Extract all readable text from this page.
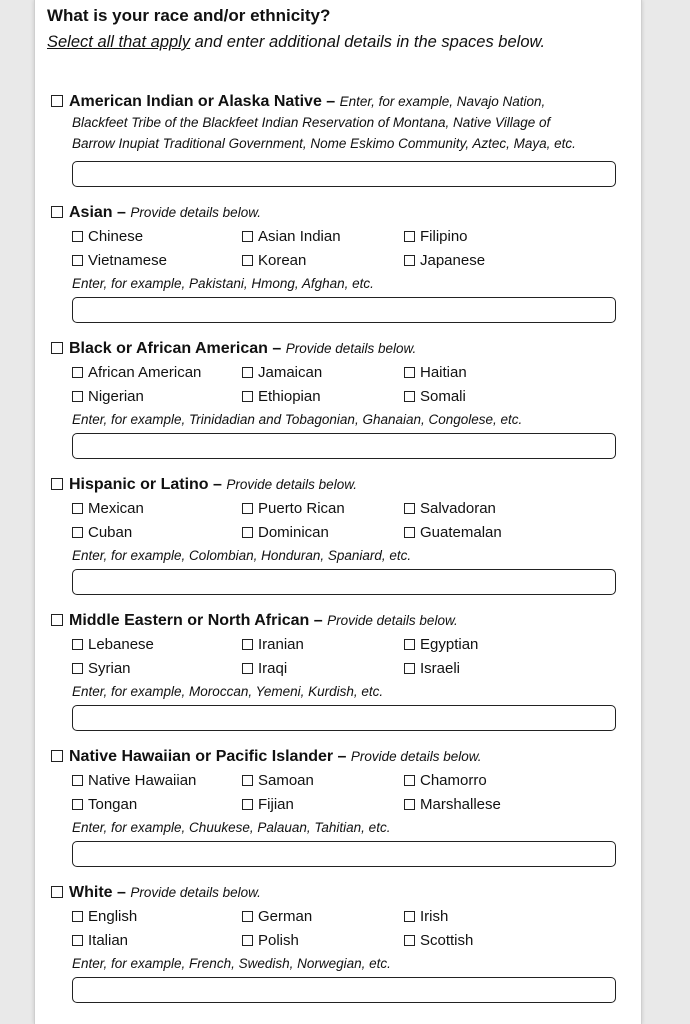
What is your race and/or ethnicity?
Select all that apply and enter additional details in the spaces below.
American Indian or Alaska Native – Enter, for example, Navajo Nation,
Blackfeet Tribe of the Blackfeet Indian Reservation of Montana, Native Village of
Barrow Inupiat Traditional Government, Nome Eskimo Community, Aztec, Maya, etc.
Asian – Provide details below.
Chinese	Asian Indian	Filipino
Vietnamese	Korean	Japanese
Enter, for example, Pakistani, Hmong, Afghan, etc.
Black or African American – Provide details below.
African American	Jamaican	Haitian
Nigerian	Ethiopian	Somali
Enter, for example, Trinidadian and Tobagonian, Ghanaian, Congolese, etc.
Hispanic or Latino – Provide details below.
Mexican	Puerto Rican	Salvadoran
Cuban	Dominican	Guatemalan
Enter, for example, Colombian, Honduran, Spaniard, etc.
Middle Eastern or North African – Provide details below.
Lebanese	Iranian	Egyptian
Syrian	Iraqi	Israeli
Enter, for example, Moroccan, Yemeni, Kurdish, etc.
Native Hawaiian or Pacific Islander – Provide details below.
Native Hawaiian	Samoan	Chamorro
Tongan	Fijian	Marshallese
Enter, for example, Chuukese, Palauan, Tahitian, etc.
White – Provide details below.
English	German	Irish
Italian	Polish	Scottish
Enter, for example, French, Swedish, Norwegian, etc.
